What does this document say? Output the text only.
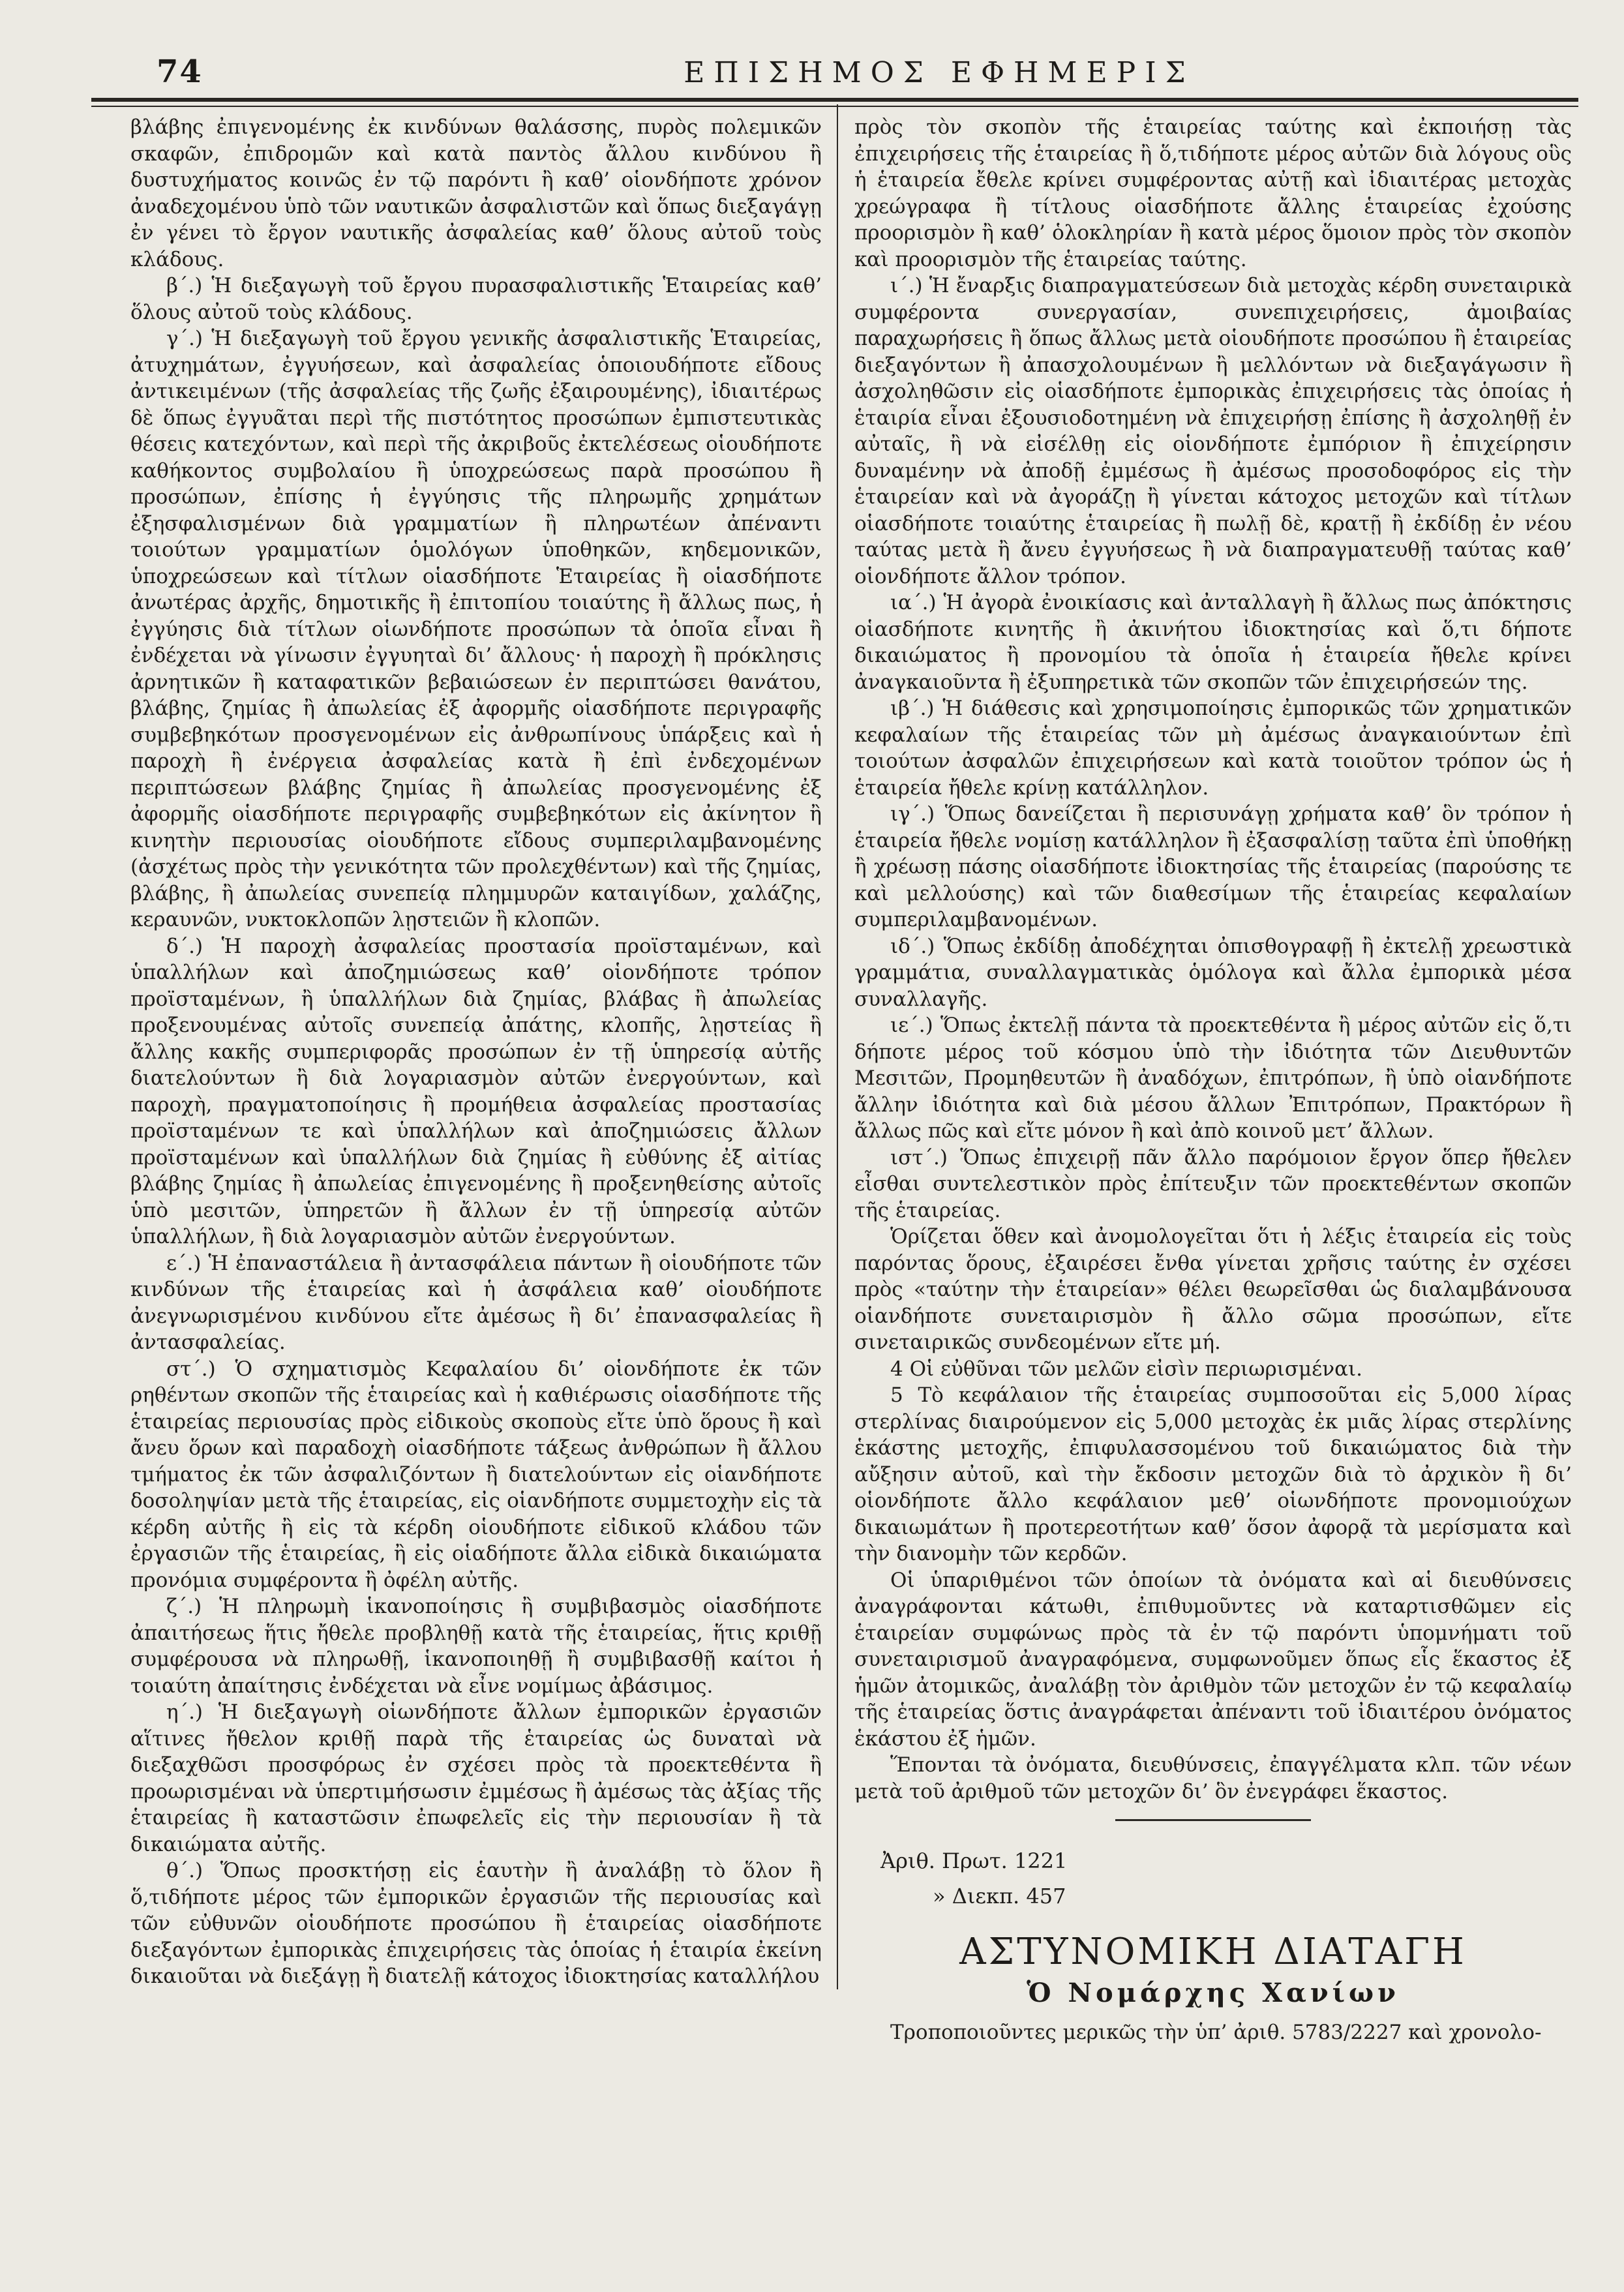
74	ΕΠΙΣΗΜΟΣ ΕΦΗΜΕΡΙΣ

βλάβης ἐπιγενομένης ἐκ κινδύνων θαλάσσης, πυρὸς πολεμικῶν σκαφῶν, ἐπιδρομῶν καὶ κατὰ παντὸς ἄλλου κινδύνου ἢ δυστυχήματος κοινῶς ἐν τῷ παρόντι ἢ καθ’ οἱονδήποτε χρόνον ἀναδεχομένου ὑπὸ τῶν ναυτικῶν ἀσφαλιστῶν καὶ ὅπως διεξαγάγῃ ἐν γένει τὸ ἔργον ναυτικῆς ἀσφαλείας καθ’ ὅλους αὐτοῦ τοὺς κλάδους.

β΄.) Ἡ διεξαγωγὴ τοῦ ἔργου πυρασφαλιστικῆς Ἑταιρείας καθ’ ὅλους αὐτοῦ τοὺς κλάδους.

γ΄.) Ἡ διεξαγωγὴ τοῦ ἔργου γενικῆς ἀσφαλιστικῆς Ἑταιρείας, ἀτυχημάτων, ἐγγυήσεων, καὶ ἀσφαλείας ὁποιουδήποτε εἴδους ἀντικειμένων (τῆς ἀσφαλείας τῆς ζωῆς ἐξαιρουμένης), ἰδιαιτέρως δὲ ὅπως ἐγγυᾶται περὶ τῆς πιστότητος προσώπων ἐμπιστευτικὰς θέσεις κατεχόντων, καὶ περὶ τῆς ἀκριβοῦς ἐκτελέσεως οἱουδήποτε καθήκοντος συμβολαίου ἢ ὑποχρεώσεως παρὰ προσώπου ἢ προσώπων, ἐπίσης ἡ ἐγγύησις τῆς πληρωμῆς χρημάτων ἐξησφαλισμένων διὰ γραμματίων ἢ πληρωτέων ἀπέναντι τοιούτων γραμματίων ὁμολόγων ὑποθηκῶν, κηδεμονικῶν, ὑποχρεώσεων καὶ τίτλων οἱασδήποτε Ἑταιρείας ἢ οἱασδήποτε ἀνωτέρας ἀρχῆς, δημοτικῆς ἢ ἐπιτοπίου τοιαύτης ἢ ἄλλως πως, ἡ ἐγγύησις διὰ τίτλων οἱωνδήποτε προσώπων τὰ ὁποῖα εἶναι ἢ ἐνδέχεται νὰ γίνωσιν ἐγγυηταὶ δι’ ἄλλους· ἡ παροχὴ ἢ πρόκλησις ἀρνητικῶν ἢ καταφατικῶν βεβαιώσεων ἐν περιπτώσει θανάτου, βλάβης, ζημίας ἢ ἀπωλείας ἐξ ἀφορμῆς οἱασδήποτε περιγραφῆς συμβεβηκότων προσγενομένων εἰς ἀνθρωπίνους ὑπάρξεις καὶ ἡ παροχὴ ἢ ἐνέργεια ἀσφαλείας κατὰ ἢ ἐπὶ ἐνδεχομένων περιπτώσεων βλάβης ζημίας ἢ ἀπωλείας προσγενομένης ἐξ ἀφορμῆς οἱασδήποτε περιγραφῆς συμβεβηκότων εἰς ἀκίνητον ἢ κινητὴν περιουσίας οἱουδήποτε εἴδους συμπεριλαμβανομένης (ἀσχέτως πρὸς τὴν γενικότητα τῶν προλεχθέντων) καὶ τῆς ζημίας, βλάβης, ἢ ἀπωλείας συνεπείᾳ πλημμυρῶν καταιγίδων, χαλάζης, κεραυνῶν, νυκτοκλοπῶν λῃστειῶν ἢ κλοπῶν.

δ΄.) Ἡ παροχὴ ἀσφαλείας προστασία προϊσταμένων, καὶ ὑπαλλήλων καὶ ἀποζημιώσεως καθ’ οἱονδήποτε τρόπον προϊσταμένων, ἢ ὑπαλλήλων διὰ ζημίας, βλάβας ἢ ἀπωλείας προξενουμένας αὐτοῖς συνεπείᾳ ἀπάτης, κλοπῆς, λῃστείας ἢ ἄλλης κακῆς συμπεριφορᾶς προσώπων ἐν τῇ ὑπηρεσίᾳ αὐτῆς διατελούντων ἢ διὰ λογαριασμὸν αὐτῶν ἐνεργούντων, καὶ παροχὴ, πραγματοποίησις ἢ προμήθεια ἀσφαλείας προστασίας προϊσταμένων τε καὶ ὑπαλλήλων καὶ ἀποζημιώσεις ἄλλων προϊσταμένων καὶ ὑπαλλήλων διὰ ζημίας ἢ εὐθύνης ἐξ αἰτίας βλάβης ζημίας ἢ ἀπωλείας ἐπιγενομένης ἢ προξενηθείσης αὐτοῖς ὑπὸ μεσιτῶν, ὑπηρετῶν ἢ ἄλλων ἐν τῇ ὑπηρεσίᾳ αὐτῶν ὑπαλλήλων, ἢ διὰ λογαριασμὸν αὐτῶν ἐνεργούντων.

ε΄.) Ἡ ἐπαναστάλεια ἢ ἀντασφάλεια πάντων ἢ οἱουδήποτε τῶν κινδύνων τῆς ἑταιρείας καὶ ἡ ἀσφάλεια καθ’ οἱουδήποτε ἀνεγνωρισμένου κινδύνου εἴτε ἀμέσως ἢ δι’ ἐπανασφαλείας ἢ ἀντασφαλείας.

στ΄.) Ὁ σχηματισμὸς Κεφαλαίου δι’ οἱονδήποτε ἐκ τῶν ρηθέντων σκοπῶν τῆς ἑταιρείας καὶ ἡ καθιέρωσις οἱασδήποτε τῆς ἑταιρείας περιουσίας πρὸς εἰδικοὺς σκοποὺς εἴτε ὑπὸ ὅρους ἢ καὶ ἄνευ ὅρων καὶ παραδοχὴ οἱασδήποτε τάξεως ἀνθρώπων ἢ ἄλλου τμήματος ἐκ τῶν ἀσφαλιζόντων ἢ διατελούντων εἰς οἱανδήποτε δοσοληψίαν μετὰ τῆς ἑταιρείας, εἰς οἱανδήποτε συμμετοχὴν εἰς τὰ κέρδη αὐτῆς ἢ εἰς τὰ κέρδη οἱουδήποτε εἰδικοῦ κλάδου τῶν ἐργασιῶν τῆς ἑταιρείας, ἢ εἰς οἱαδήποτε ἄλλα εἰδικὰ δικαιώματα προνόμια συμφέροντα ἢ ὀφέλη αὐτῆς.

ζ΄.) Ἡ πληρωμὴ ἱκανοποίησις ἢ συμβιβασμὸς οἱασδήποτε ἀπαιτήσεως ἥτις ἤθελε προβληθῇ κατὰ τῆς ἑταιρείας, ἥτις κριθῇ συμφέρουσα νὰ πληρωθῇ, ἱκανοποιηθῇ ἢ συμβιβασθῇ καίτοι ἡ τοιαύτη ἀπαίτησις ἐνδέχεται νὰ εἶνε νομίμως ἀβάσιμος.

η΄.) Ἡ διεξαγωγὴ οἱωνδήποτε ἄλλων ἐμπορικῶν ἐργασιῶν αἵτινες ἤθελον κριθῇ παρὰ τῆς ἑταιρείας ὡς δυναταὶ νὰ διεξαχθῶσι προσφόρως ἐν σχέσει πρὸς τὰ προεκτεθέντα ἢ προωρισμέναι νὰ ὑπερτιμήσωσιν ἐμμέσως ἢ ἀμέσως τὰς ἀξίας τῆς ἑταιρείας ἢ καταστῶσιν ἐπωφελεῖς εἰς τὴν περιουσίαν ἢ τὰ δικαιώματα αὐτῆς.

θ΄.) Ὅπως προσκτήσῃ εἰς ἑαυτὴν ἢ ἀναλάβῃ τὸ ὅλον ἢ ὅ,τιδήποτε μέρος τῶν ἐμπορικῶν ἐργασιῶν τῆς περιουσίας καὶ τῶν εὐθυνῶν οἱουδήποτε προσώπου ἢ ἑταιρείας οἱασδήποτε διεξαγόντων ἐμπορικὰς ἐπιχειρήσεις τὰς ὁποίας ἡ ἑταιρία ἐκείνη δικαιοῦται νὰ διεξάγῃ ἢ διατελῇ κάτοχος ἰδιοκτησίας καταλλήλου

πρὸς τὸν σκοπὸν τῆς ἑταιρείας ταύτης καὶ ἐκποιήσῃ τὰς ἐπιχειρήσεις τῆς ἑταιρείας ἢ ὅ,τιδήποτε μέρος αὐτῶν διὰ λόγους οὓς ἡ ἑταιρεία ἔθελε κρίνει συμφέροντας αὐτῇ καὶ ἰδιαιτέρας μετοχὰς χρεώγραφα ἢ τίτλους οἱασδήποτε ἄλλης ἑταιρείας ἐχούσης προορισμὸν ἢ καθ’ ὁλοκληρίαν ἢ κατὰ μέρος ὅμοιον πρὸς τὸν σκοπὸν καὶ προορισμὸν τῆς ἑταιρείας ταύτης.

ι΄.) Ἡ ἔναρξις διαπραγματεύσεων διὰ μετοχὰς κέρδη συνεταιρικὰ συμφέροντα συνεργασίαν, συνεπιχειρήσεις, ἀμοιβαίας παραχωρήσεις ἢ ὅπως ἄλλως μετὰ οἱουδήποτε προσώπου ἢ ἑταιρείας διεξαγόντων ἢ ἀπασχολουμένων ἢ μελλόντων νὰ διεξαγάγωσιν ἢ ἀσχοληθῶσιν εἰς οἱασδήποτε ἐμπορικὰς ἐπιχειρήσεις τὰς ὁποίας ἡ ἑταιρία εἶναι ἐξουσιοδοτημένη νὰ ἐπιχειρήσῃ ἐπίσης ἢ ἀσχοληθῇ ἐν αὐταῖς, ἢ νὰ εἰσέλθῃ εἰς οἱονδήποτε ἐμπόριον ἢ ἐπιχείρησιν δυναμένην νὰ ἀποδῇ ἐμμέσως ἢ ἀμέσως προσοδοφόρος εἰς τὴν ἑταιρείαν καὶ νὰ ἀγοράζῃ ἢ γίνεται κάτοχος μετοχῶν καὶ τίτλων οἱασδήποτε τοιαύτης ἑταιρείας ἢ πωλῇ δὲ, κρατῇ ἢ ἐκδίδῃ ἐν νέου ταύτας μετὰ ἢ ἄνευ ἐγγυήσεως ἢ νὰ διαπραγματευθῇ ταύτας καθ’ οἱονδήποτε ἄλλον τρόπον.

ια΄.) Ἡ ἀγορὰ ἐνοικίασις καὶ ἀνταλλαγὴ ἢ ἄλλως πως ἀπόκτησις οἱασδήποτε κινητῆς ἢ ἀκινήτου ἰδιοκτησίας καὶ ὅ,τι δήποτε δικαιώματος ἢ προνομίου τὰ ὁποῖα ἡ ἑταιρεία ἤθελε κρίνει ἀναγκαιοῦντα ἢ ἐξυπηρετικὰ τῶν σκοπῶν τῶν ἐπιχειρήσεών της.

ιβ΄.) Ἡ διάθεσις καὶ χρησιμοποίησις ἐμπορικῶς τῶν χρηματικῶν κεφαλαίων τῆς ἑταιρείας τῶν μὴ ἀμέσως ἀναγκαιούντων ἐπὶ τοιούτων ἀσφαλῶν ἐπιχειρήσεων καὶ κατὰ τοιοῦτον τρόπον ὡς ἡ ἑταιρεία ἤθελε κρίνῃ κατάλληλον.

ιγ΄.) Ὅπως δανείζεται ἢ περισυνάγῃ χρήματα καθ’ ὃν τρόπον ἡ ἑταιρεία ἤθελε νομίσῃ κατάλληλον ἢ ἐξασφαλίσῃ ταῦτα ἐπὶ ὑποθήκῃ ἢ χρέωσῃ πάσης οἱασδήποτε ἰδιοκτησίας τῆς ἑταιρείας (παρούσης τε καὶ μελλούσης) καὶ τῶν διαθεσίμων τῆς ἑταιρείας κεφαλαίων συμπεριλαμβανομένων.

ιδ΄.) Ὅπως ἐκδίδῃ ἀποδέχηται ὀπισθογραφῇ ἢ ἐκτελῇ χρεωστικὰ γραμμάτια, συναλλαγματικὰς ὁμόλογα καὶ ἄλλα ἐμπορικὰ μέσα συναλλαγῆς.

ιε΄.) Ὅπως ἐκτελῇ πάντα τὰ προεκτεθέντα ἢ μέρος αὐτῶν εἰς ὅ,τι δήποτε μέρος τοῦ κόσμου ὑπὸ τὴν ἰδιότητα τῶν Διευθυντῶν Μεσιτῶν, Προμηθευτῶν ἢ ἀναδόχων, ἐπιτρόπων, ἢ ὑπὸ οἱανδήποτε ἄλλην ἰδιότητα καὶ διὰ μέσου ἄλλων Ἐπιτρόπων, Πρακτόρων ἢ ἄλλως πῶς καὶ εἴτε μόνον ἢ καὶ ἀπὸ κοινοῦ μετ’ ἄλλων.

ιστ΄.) Ὅπως ἐπιχειρῇ πᾶν ἄλλο παρόμοιον ἔργον ὅπερ ἤθελεν εἶσθαι συντελεστικὸν πρὸς ἐπίτευξιν τῶν προεκτεθέντων σκοπῶν τῆς ἑταιρείας.

Ὁρίζεται ὅθεν καὶ ἀνομολογεῖται ὅτι ἡ λέξις ἑταιρεία εἰς τοὺς παρόντας ὅρους, ἐξαιρέσει ἔνθα γίνεται χρῆσις ταύτης ἐν σχέσει πρὸς «ταύτην τὴν ἑταιρείαν» θέλει θεωρεῖσθαι ὡς διαλαμβάνουσα οἱανδήποτε συνεταιρισμὸν ἢ ἄλλο σῶμα προσώπων, εἴτε σινεταιρικῶς συνδεομένων εἴτε μή.

4 Οἱ εὐθῦναι τῶν μελῶν εἰσὶν περιωρισμέναι.

5 Τὸ κεφάλαιον τῆς ἑταιρείας συμποσοῦται εἰς 5,000 λίρας στερλίνας διαιρούμενον εἰς 5,000 μετοχὰς ἐκ μιᾶς λίρας στερλίνης ἑκάστης μετοχῆς, ἐπιφυλασσομένου τοῦ δικαιώματος διὰ τὴν αὔξησιν αὐτοῦ, καὶ τὴν ἔκδοσιν μετοχῶν διὰ τὸ ἀρχικὸν ἢ δι’ οἱονδήποτε ἄλλο κεφάλαιον μεθ’ οἱωνδήποτε προνομιούχων δικαιωμάτων ἢ προτερεοτήτων καθ’ ὅσον ἀφορᾷ τὰ μερίσματα καὶ τὴν διανομὴν τῶν κερδῶν.

Οἱ ὑπαριθμένοι τῶν ὁποίων τὰ ὀνόματα καὶ αἱ διευθύνσεις ἀναγράφονται κάτωθι, ἐπιθυμοῦντες νὰ καταρτισθῶμεν εἰς ἑταιρείαν συμφώνως πρὸς τὰ ἐν τῷ παρόντι ὑπομνήματι τοῦ συνεταιρισμοῦ ἀναγραφόμενα, συμφωνοῦμεν ὅπως εἷς ἕκαστος ἐξ ἡμῶν ἀτομικῶς, ἀναλάβῃ τὸν ἀριθμὸν τῶν μετοχῶν ἐν τῷ κεφαλαίῳ τῆς ἑταιρείας ὅστις ἀναγράφεται ἀπέναντι τοῦ ἰδιαιτέρου ὀνόματος ἑκάστου ἐξ ἡμῶν.

Ἕπονται τὰ ὀνόματα, διευθύνσεις, ἐπαγγέλματα κλπ. τῶν νέων μετὰ τοῦ ἀριθμοῦ τῶν μετοχῶν δι’ ὃν ἐνεγράφει ἕκαστος.

Ἀριθ. Πρωτ. 1221
» Διεκπ. 457
ΑΣΤΥΝΟΜΙΚΗ ΔΙΑΤΑΓΗ
Ὁ Νομάρχης Χανίων

Τροποποιοῦντες μερικῶς τὴν ὑπ’ ἀριθ. 5783/2227 καὶ χρονολο-
